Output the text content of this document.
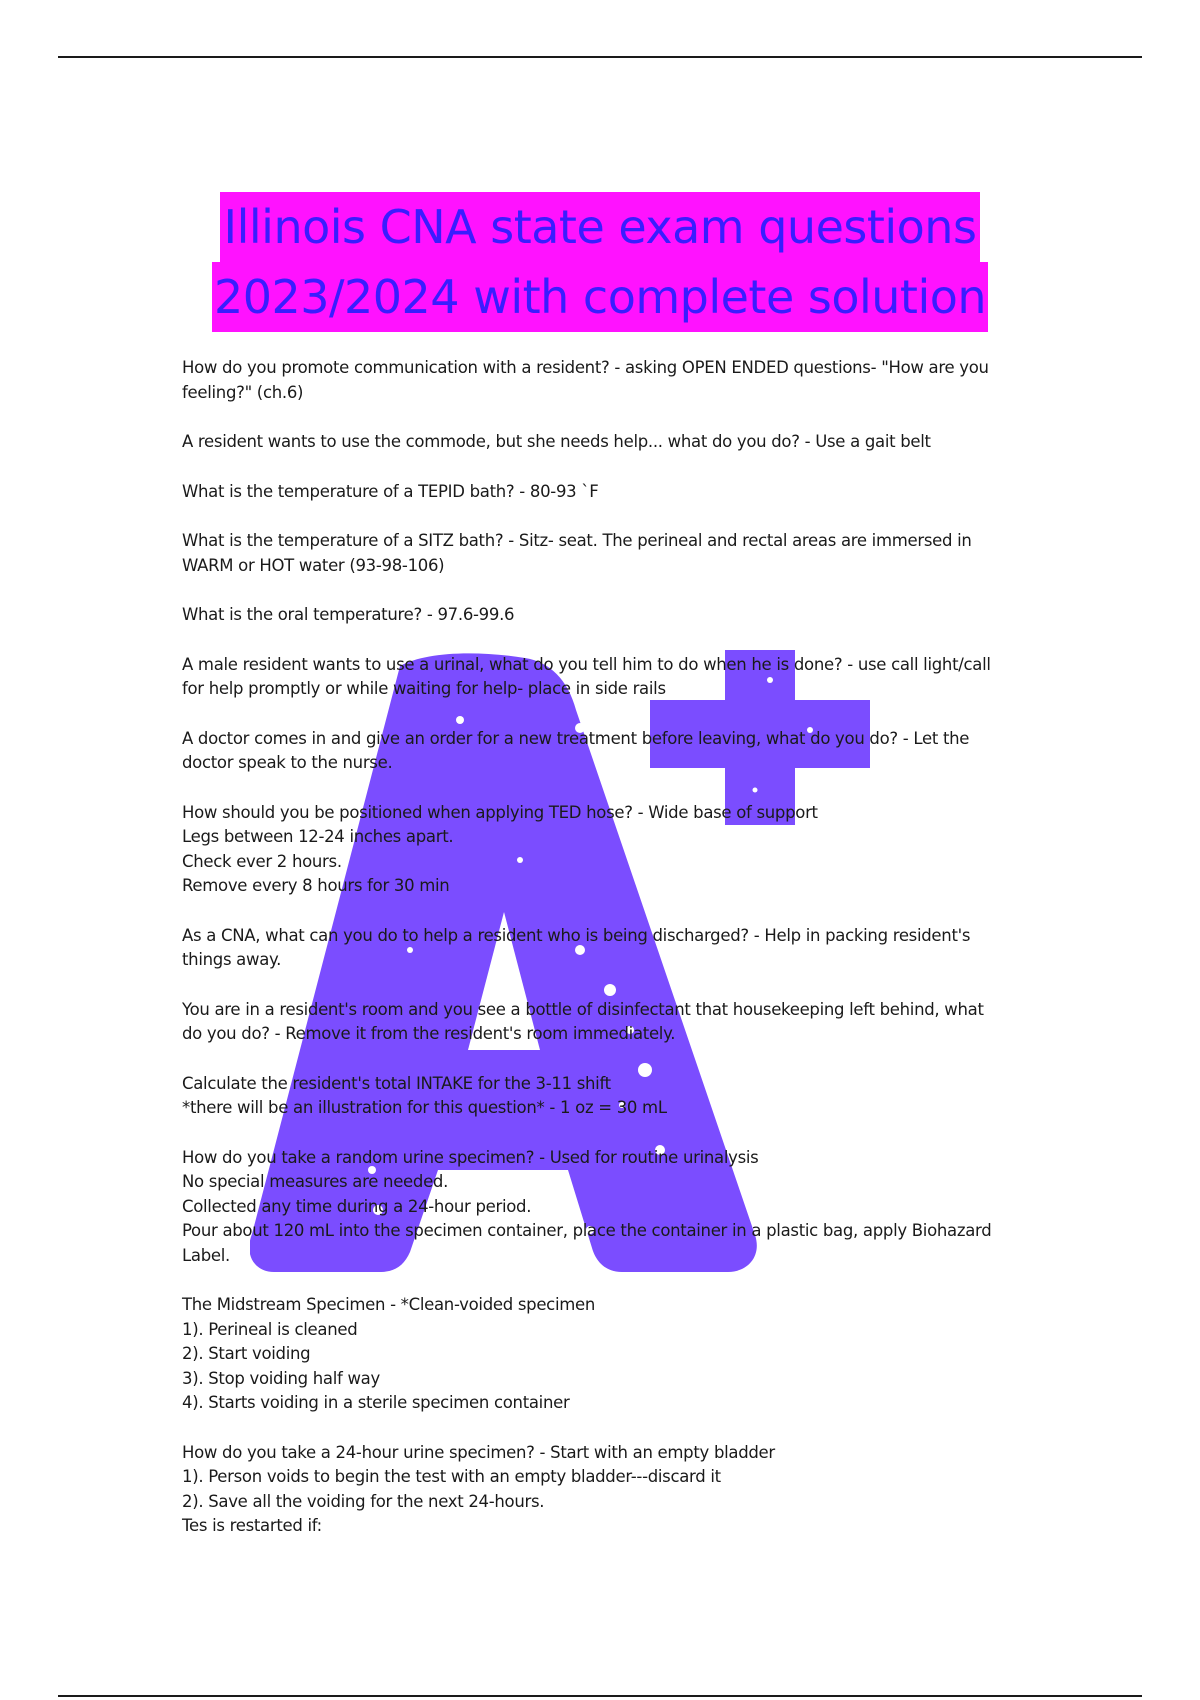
Illinois CNA state exam questions
2023/2024 with complete solution
How do you promote communication with a resident? - asking OPEN ENDED questions- "How are you
feeling?" (ch.6)
A resident wants to use the commode, but she needs help... what do you do? - Use a gait belt
What is the temperature of a TEPID bath? - 80-93 `F
What is the temperature of a SITZ bath? - Sitz- seat. The perineal and rectal areas are immersed in
WARM or HOT water (93-98-106)
What is the oral temperature? - 97.6-99.6
A male resident wants to use a urinal, what do you tell him to do when he is done? - use call light/call
for help promptly or while waiting for help- place in side rails
A doctor comes in and give an order for a new treatment before leaving, what do you do? - Let the
doctor speak to the nurse.
How should you be positioned when applying TED hose? - Wide base of support
Legs between 12-24 inches apart.
Check ever 2 hours.
Remove every 8 hours for 30 min
As a CNA, what can you do to help a resident who is being discharged? - Help in packing resident's
things away.
You are in a resident's room and you see a bottle of disinfectant that housekeeping left behind, what
do you do? - Remove it from the resident's room immediately.
Calculate the resident's total INTAKE for the 3-11 shift
*there will be an illustration for this question* - 1 oz = 30 mL
How do you take a random urine specimen? - Used for routine urinalysis
No special measures are needed.
Collected any time during a 24-hour period.
Pour about 120 mL into the specimen container, place the container in a plastic bag, apply Biohazard
Label.
The Midstream Specimen - *Clean-voided specimen
1). Perineal is cleaned
2). Start voiding
3). Stop voiding half way
4). Starts voiding in a sterile specimen container
How do you take a 24-hour urine specimen? - Start with an empty bladder
1). Person voids to begin the test with an empty bladder---discard it
2). Save all the voiding for the next 24-hours.
Tes is restarted if:
